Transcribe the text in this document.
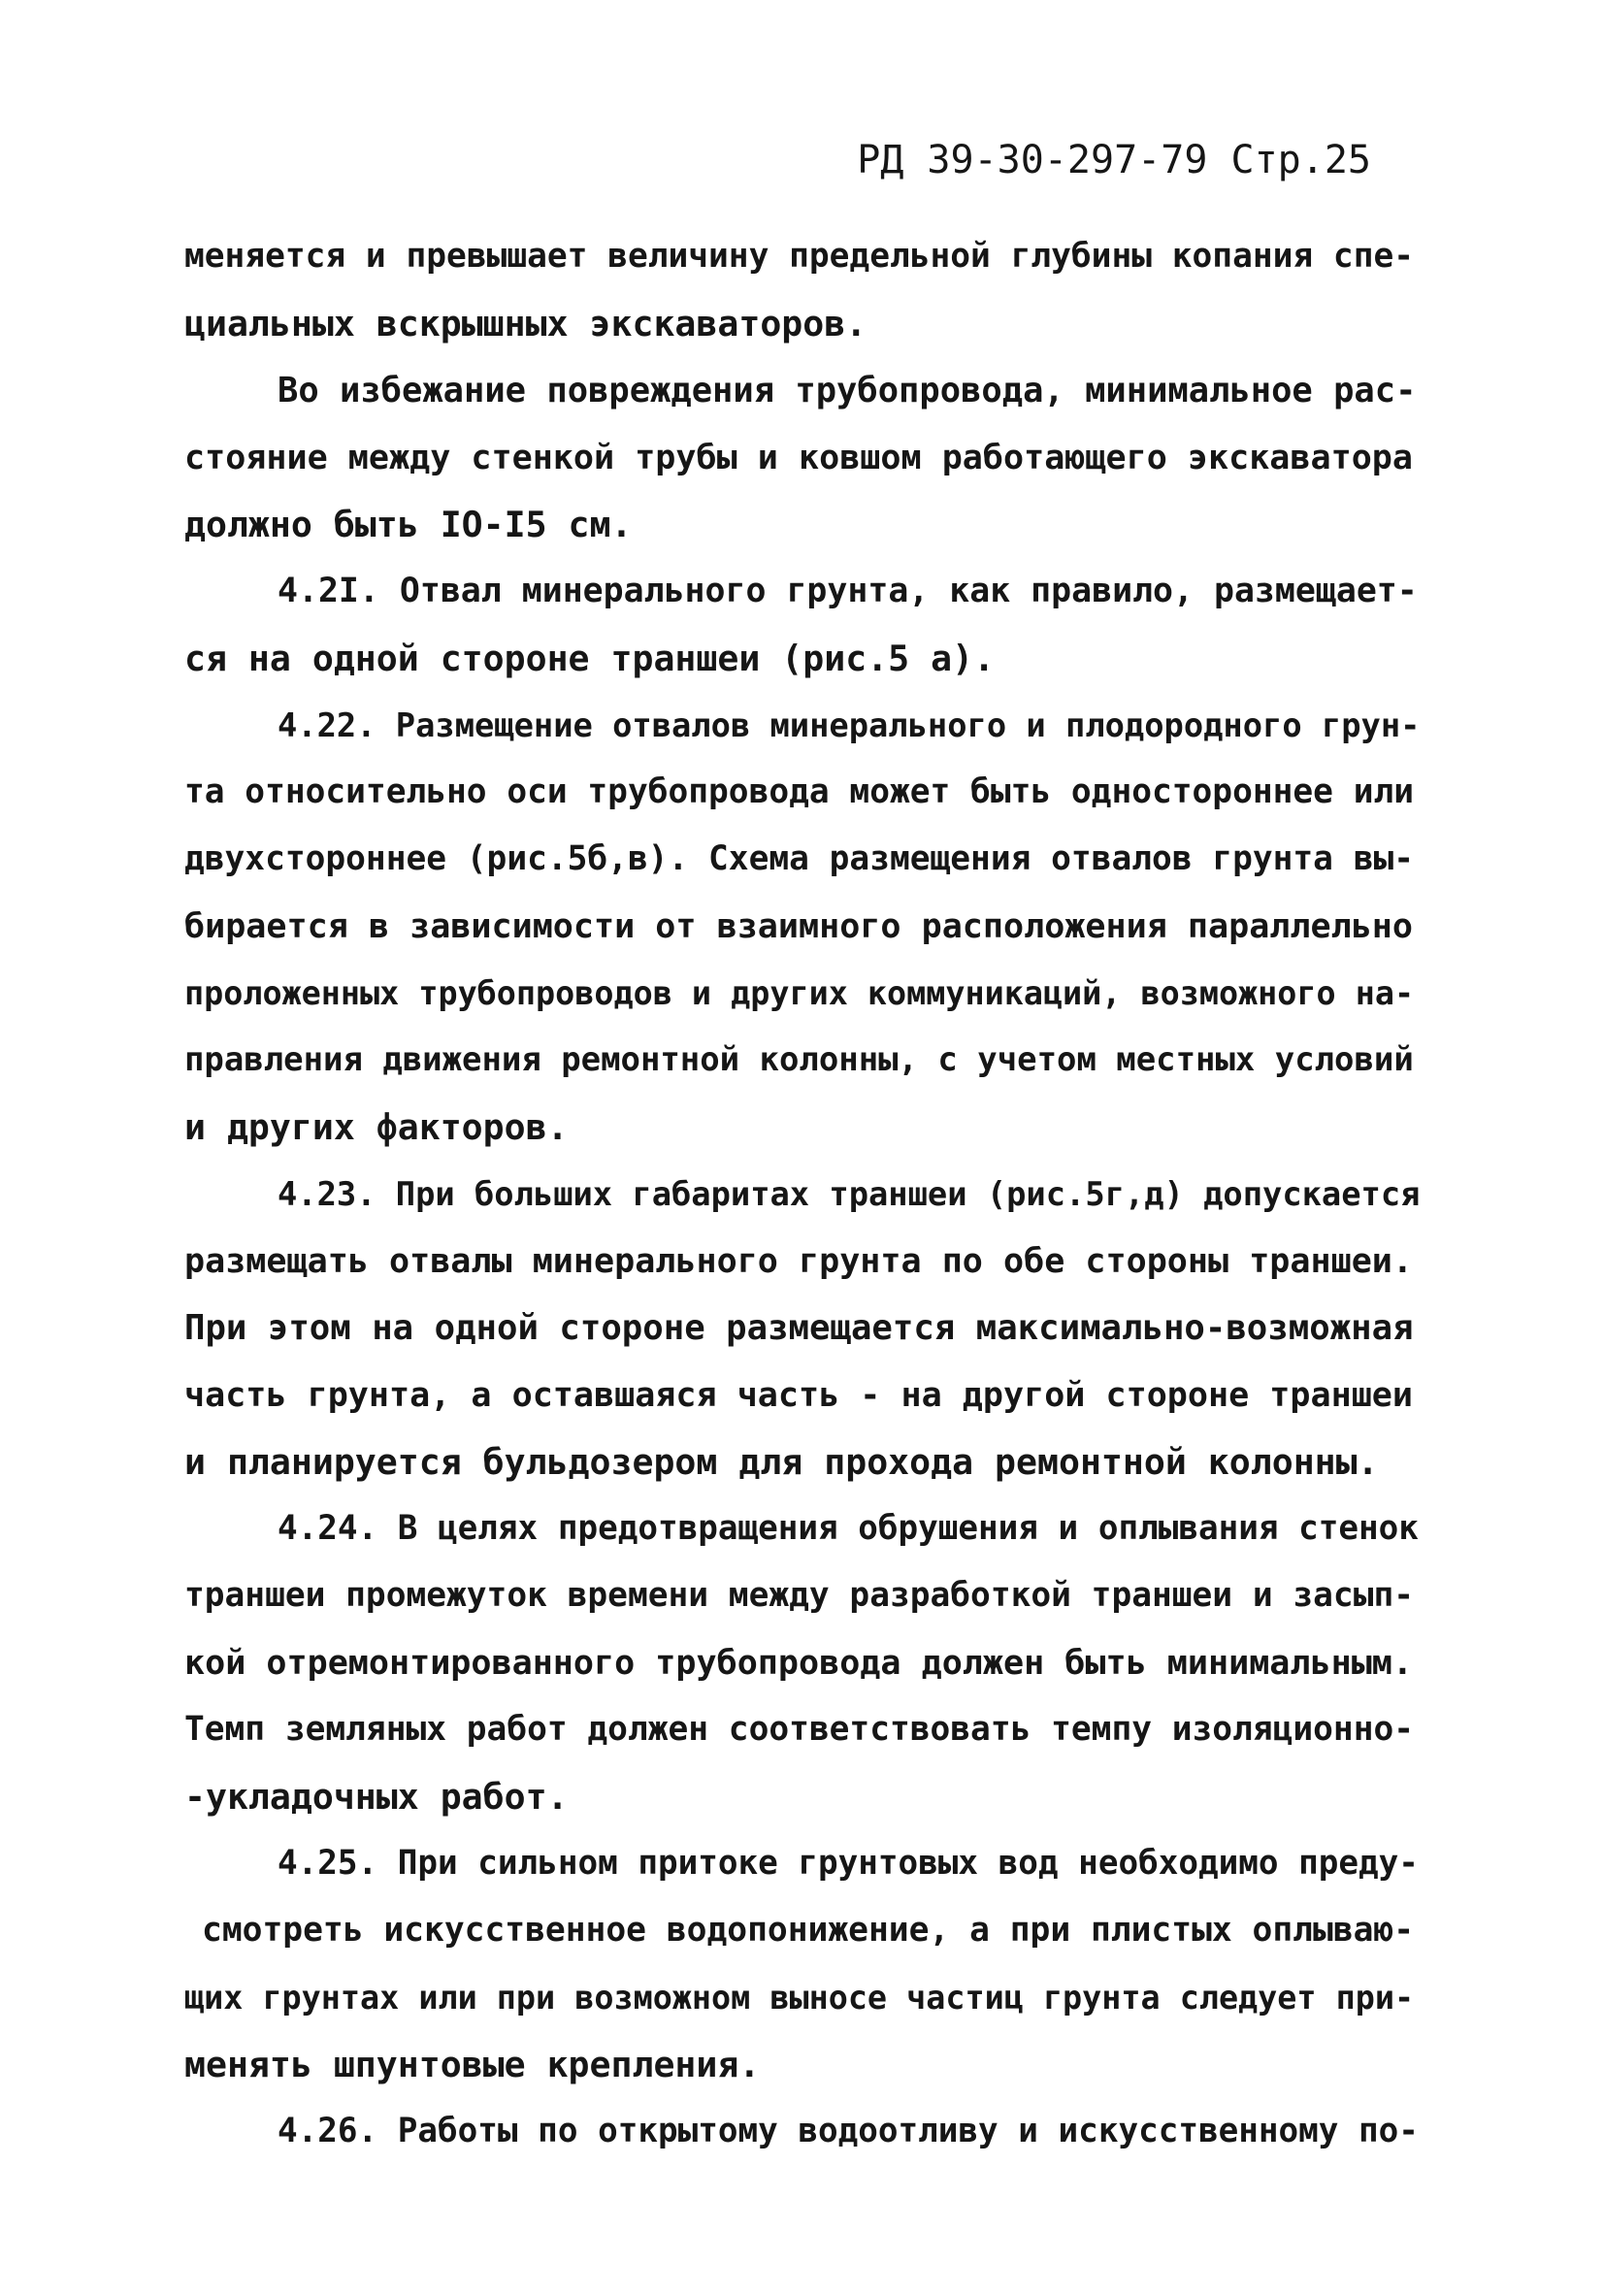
РД 39-30-297-79 Стр.25
меняется и превышает величину предельной глубины копания спе-
циальных вскрышных экскаваторов.
Во избежание повреждения трубопровода, минимальное рас-
стояние между стенкой трубы и ковшом работающего экскаватора
должно быть IO-I5 см.
4.2I. Отвал минерального грунта, как правило, размещает-
ся на одной стороне траншеи (рис.5 а).
4.22. Размещение отвалов минерального и плодородного грун-
та относительно оси трубопровода может быть одностороннее или
двухстороннее (рис.5б,в). Схема размещения отвалов грунта вы-
бирается в зависимости от взаимного расположения параллельно
проложенных трубопроводов и других коммуникаций, возможного на-
правления движения ремонтной колонны, с учетом местных условий
и других факторов.
4.23. При больших габаритах траншеи (рис.5г,д) допускается
размещать отвалы минерального грунта по обе стороны траншеи.
При этом на одной стороне размещается максимально-возможная
часть грунта, а оставшаяся часть - на другой стороне траншеи
и планируется бульдозером для прохода ремонтной колонны.
4.24. В целях предотвращения обрушения и оплывания стенок
траншеи промежуток времени между разработкой траншеи и засып-
кой отремонтированного трубопровода должен быть минимальным.
Темп земляных работ должен соответствовать темпу изоляционно-
-укладочных работ.
4.25. При сильном притоке грунтовых вод необходимо преду-
смотреть искусственное водопонижение, а при плистых оплываю-
щих грунтах или при возможном выносе частиц грунта следует при-
менять шпунтовые крепления.
4.26. Работы по открытому водоотливу и искусственному по-
